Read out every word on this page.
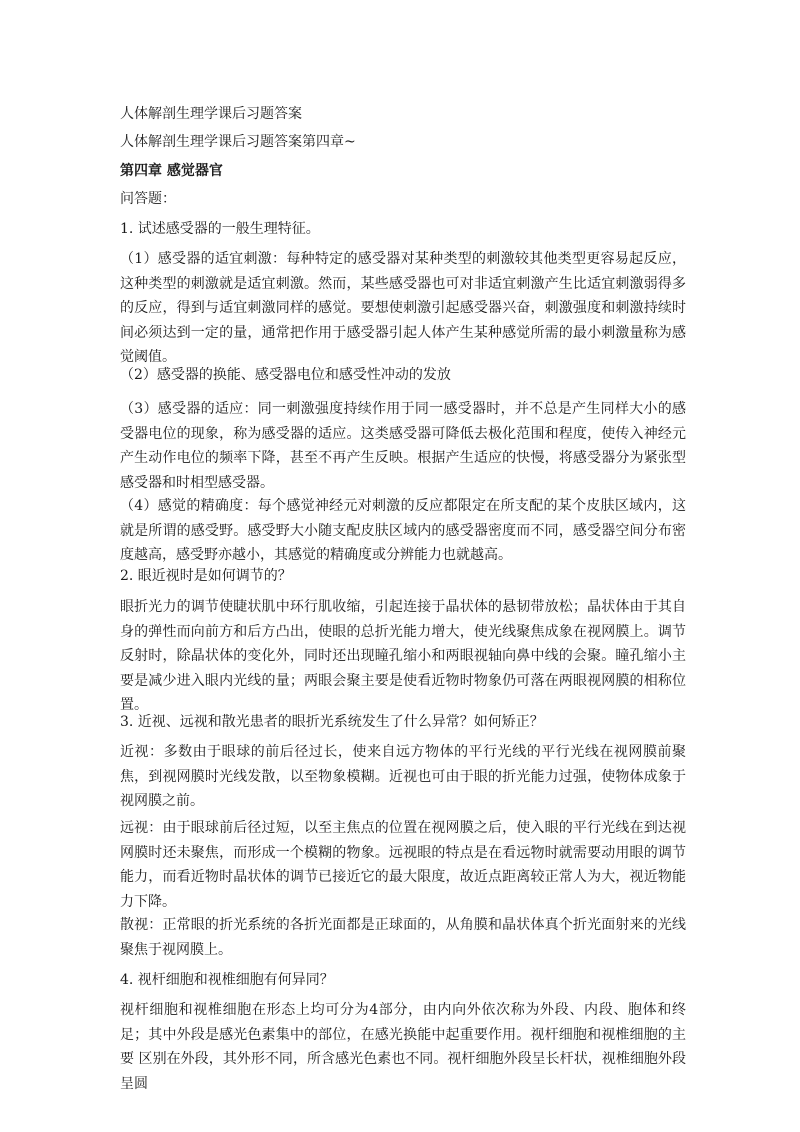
人体解剖生理学课后习题答案
人体解剖生理学课后习题答案第四章~
第四章 感觉器官
问答题：
1. 试述感受器的一般生理特征。
（1）感受器的适宜刺激：每种特定的感受器对某种类型的刺激较其他类型更容易起反应，这种类型的刺激就是适宜刺激。然而，某些感受器也可对非适宜刺激产生比适宜刺激弱得多的反应，得到与适宜刺激同样的感觉。要想使刺激引起感受器兴奋，刺激强度和刺激持续时间必须达到一定的量，通常把作用于感受器引起人体产生某种感觉所需的最小刺激量称为感觉阈值。
（2）感受器的换能、感受器电位和感受性冲动的发放
（3）感受器的适应：同一刺激强度持续作用于同一感受器时，并不总是产生同样大小的感受器电位的现象，称为感受器的适应。这类感受器可降低去极化范围和程度，使传入神经元产生动作电位的频率下降，甚至不再产生反映。根据产生适应的快慢，将感受器分为紧张型感受器和时相型感受器。
（4）感觉的精确度：每个感觉神经元对刺激的反应都限定在所支配的某个皮肤区域内，这就是所谓的感受野。感受野大小随支配皮肤区域内的感受器密度而不同，感受器空间分布密度越高，感受野亦越小，其感觉的精确度或分辨能力也就越高。
2. 眼近视时是如何调节的？
眼折光力的调节使睫状肌中环行肌收缩，引起连接于晶状体的悬韧带放松；晶状体由于其自身的弹性而向前方和后方凸出，使眼的总折光能力增大，使光线聚焦成象在视网膜上。调节反射时，除晶状体的变化外，同时还出现瞳孔缩小和两眼视轴向鼻中线的会聚。瞳孔缩小主要是减少进入眼内光线的量；两眼会聚主要是使看近物时物象仍可落在两眼视网膜的相称位置。
3. 近视、远视和散光患者的眼折光系统发生了什么异常？如何矫正？
近视：多数由于眼球的前后径过长，使来自远方物体的平行光线的平行光线在视网膜前聚焦，到视网膜时光线发散，以至物象模糊。近视也可由于眼的折光能力过强，使物体成象于视网膜之前。
远视：由于眼球前后径过短，以至主焦点的位置在视网膜之后，使入眼的平行光线在到达视网膜时还未聚焦，而形成一个模糊的物象。远视眼的特点是在看远物时就需要动用眼的调节能力，而看近物时晶状体的调节已接近它的最大限度，故近点距离较正常人为大，视近物能力下降。
散视：正常眼的折光系统的各折光面都是正球面的，从角膜和晶状体真个折光面射来的光线聚焦于视网膜上。
4. 视杆细胞和视椎细胞有何异同？
视杆细胞和视椎细胞在形态上均可分为4部分，由内向外依次称为外段、内段、胞体和终足；其中外段是感光色素集中的部位，在感光换能中起重要作用。视杆细胞和视椎细胞的主要 区别在外段，其外形不同，所含感光色素也不同。视杆细胞外段呈长杆状，视椎细胞外段 呈圆
